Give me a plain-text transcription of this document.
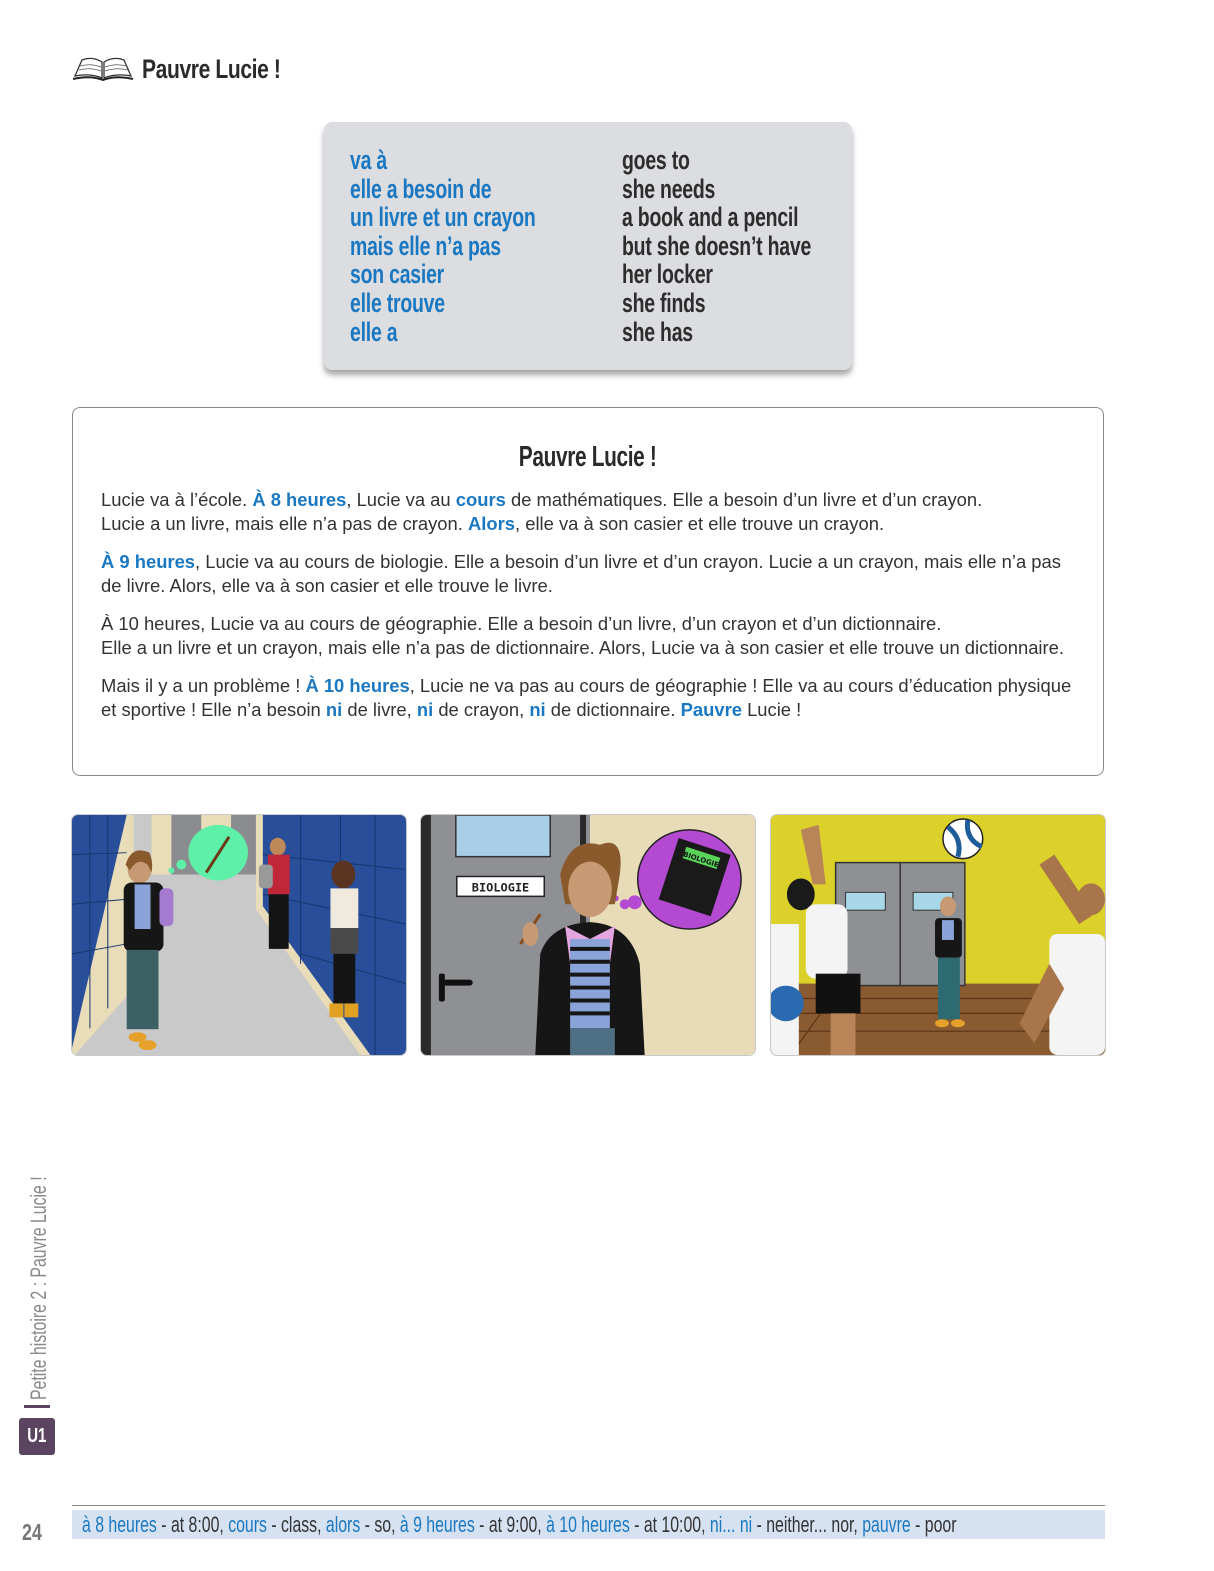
Pauvre Lucie !
va à
elle a besoin de
un livre et un crayon
mais elle n’a pas
son casier
elle trouve
elle a
goes to
she needs
a book and a pencil
but she doesn’t have
her locker
she finds
she has
Pauvre Lucie !

Lucie va à l’école. À 8 heures, Lucie va au cours de mathématiques. Elle a besoin d’un livre et d’un crayon.
Lucie a un livre, mais elle n’a pas de crayon. Alors, elle va à son casier et elle trouve un crayon.

À 9 heures, Lucie va au cours de biologie. Elle a besoin d’un livre et d’un crayon. Lucie a un crayon, mais elle n’a pas de livre. Alors, elle va à son casier et elle trouve le livre.

À 10 heures, Lucie va au cours de géographie. Elle a besoin d’un livre, d’un crayon et d’un dictionnaire.
Elle a un livre et un crayon, mais elle n’a pas de dictionnaire. Alors, Lucie va à son casier et elle trouve un dictionnaire.

Mais il y a un problème ! À 10 heures, Lucie ne va pas au cours de géographie ! Elle va au cours d’éducation physique et sportive ! Elle n’a besoin ni de livre, ni de crayon, ni de dictionnaire. Pauvre Lucie !

BIOLOGIE
BIOLOGIE
Petite histoire 2 : Pauvre Lucie !
U1
24 à 8 heures - at 8:00, cours - class, alors - so, à 9 heures - at 9:00, à 10 heures - at 10:00, ni... ni - neither... nor, pauvre - poor
